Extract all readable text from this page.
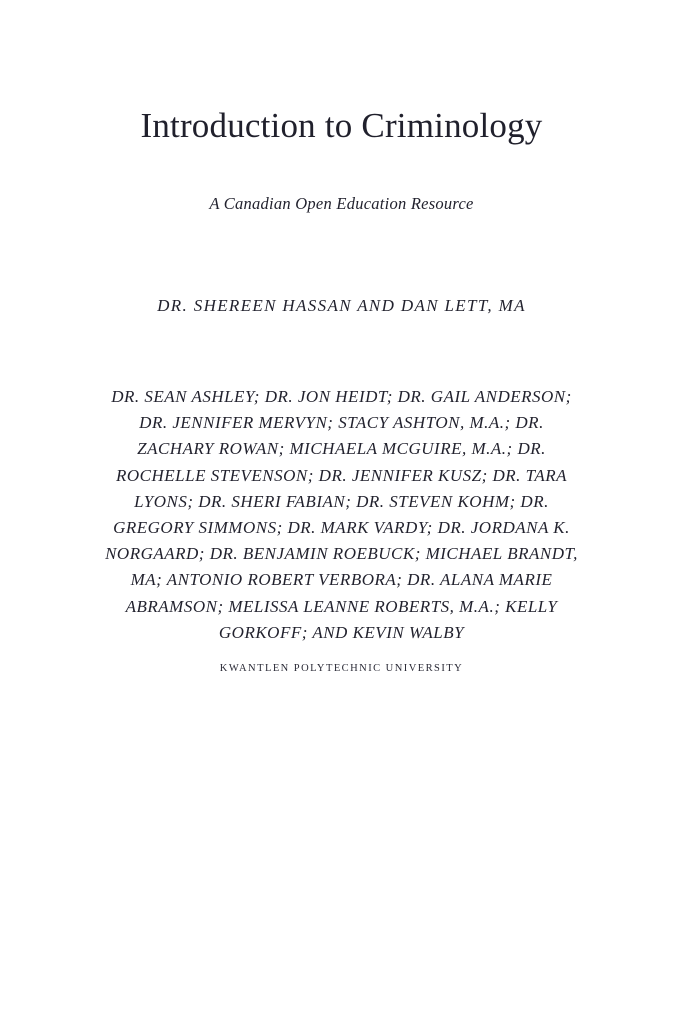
Introduction to Criminology

A Canadian Open Education Resource

DR. SHEREEN HASSAN AND DAN LETT, MA

DR. SEAN ASHLEY; DR. JON HEIDT; DR. GAIL ANDERSON;
DR. JENNIFER MERVYN; STACY ASHTON, M.A.; DR.
ZACHARY ROWAN; MICHAELA MCGUIRE, M.A.; DR.
ROCHELLE STEVENSON; DR. JENNIFER KUSZ; DR. TARA
LYONS; DR. SHERI FABIAN; DR. STEVEN KOHM; DR.
GREGORY SIMMONS; DR. MARK VARDY; DR. JORDANA K.
NORGAARD; DR. BENJAMIN ROEBUCK; MICHAEL BRANDT,
MA; ANTONIO ROBERT VERBORA; DR. ALANA MARIE
ABRAMSON; MELISSA LEANNE ROBERTS, M.A.; KELLY
GORKOFF; AND KEVIN WALBY

KWANTLEN POLYTECHNIC UNIVERSITY
